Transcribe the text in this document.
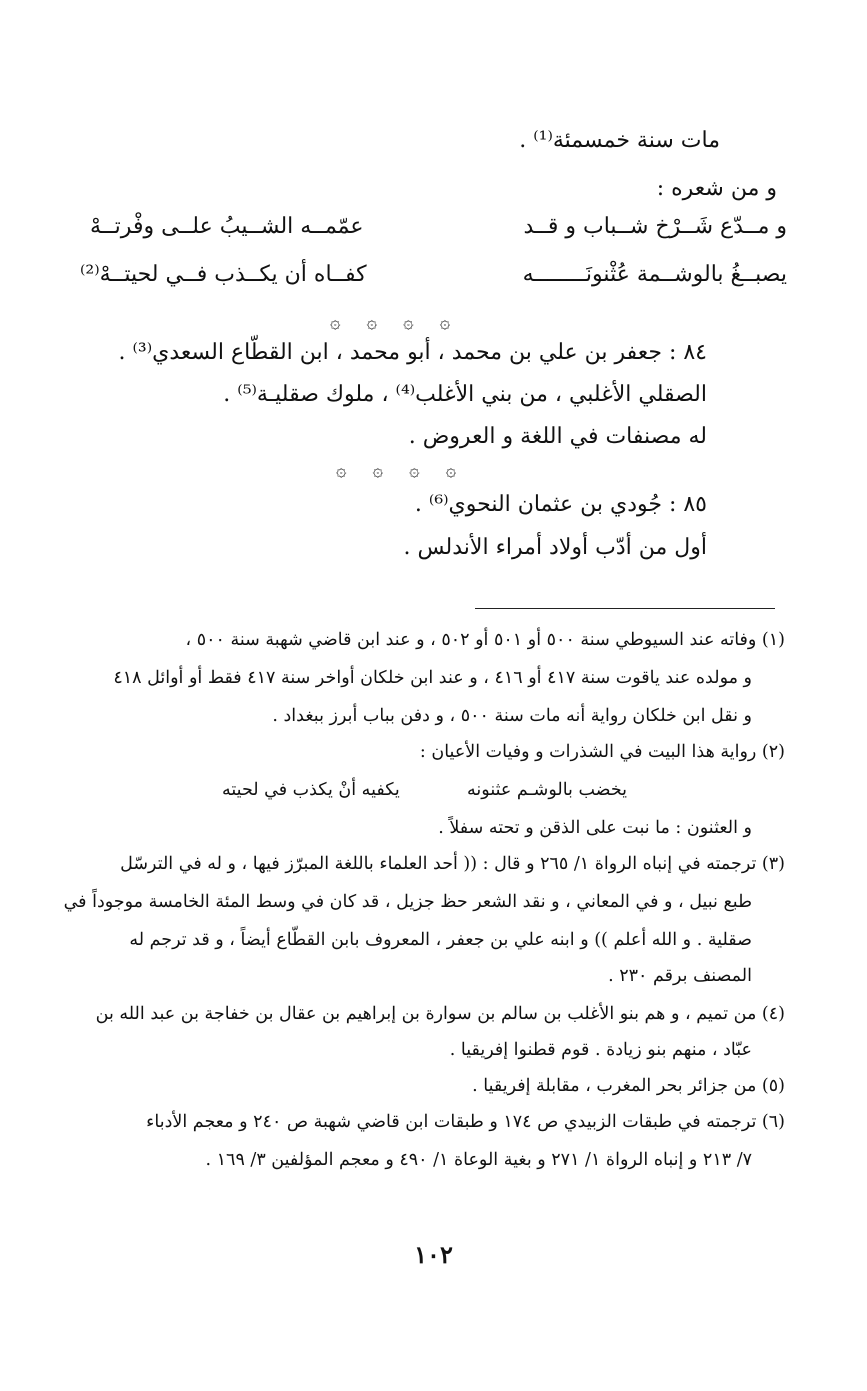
مات سنة خمسمئة⁽¹⁾ .
و من شعره :
و مــدّع شَــرْخ شــباب و قــد
عمّمــه الشــيبُ علــى وفْرتــهْ
يصبــغُ بالوشــمة عُثْنونَــــــــه
كفــاه أن يكــذب فــي لحيتــهْ⁽²⁾
۞ ۞ ۞ ۞
٨٤ : جعفر بن علي بن محمد ، أبو محمد ، ابن القطّاع السعدي⁽³⁾ .
الصقلي الأغلبي ، من بني الأغلب⁽⁴⁾ ، ملوك صقليـة⁽⁵⁾ .
له مصنفات في اللغة و العروض .
۞ ۞ ۞ ۞
٨٥ : جُودي بن عثمان النحوي⁽⁶⁾ .
أول من أدّب أولاد أمراء الأندلس .
(١) وفاته عند السيوطي سنة ٥٠٠ أو ٥٠١ أو ٥٠٢ ، و عند ابن قاضي شهبة سنة ٥٠٠ ،
و مولده عند ياقوت سنة ٤١٧ أو ٤١٦ ، و عند ابن خلكان أواخر سنة ٤١٧ فقط أو أوائل ٤١٨
و نقل ابن خلكان رواية أنه مات سنة ٥٠٠ ، و دفن بباب أبرز ببغداد .
(٢) رواية هذا البيت في الشذرات و وفيات الأعيان :
يخضب بالوشـم عثنونه
يكفيه أنْ يكذب في لحيته
و العثنون : ما نبت على الذقن و تحته سفلاً .
(٣) ترجمته في إنباه الرواة ١/ ٢٦٥ و قال : (( أحد العلماء باللغة المبرّز فيها ، و له في الترسّل
طبع نبيل ، و في المعاني ، و نقد الشعر حظ جزيل ، قد كان في وسط المئة الخامسة موجوداً في
صقلية . و الله أعلم )) و ابنه علي بن جعفر ، المعروف بابن القطّاع أيضاً ، و قد ترجم له
المصنف برقم ٢٣٠ .
(٤) من تميم ، و هم بنو الأغلب بن سالم بن سوارة بن إبراهيم بن عقال بن خفاجة بن عبد الله بن
عبّاد ، منهم بنو زيادة . قوم قطنوا إفريقيا .
(٥) من جزائر بحر المغرب ، مقابلة إفريقيا .
(٦) ترجمته في طبقات الزبيدي ص ١٧٤ و طبقات ابن قاضي شهبة ص ٢٤٠ و معجم الأدباء
٧/ ٢١٣ و إنباه الرواة ١/ ٢٧١ و بغية الوعاة ١/ ٤٩٠ و معجم المؤلفين ٣/ ١٦٩ .
١٠٢
